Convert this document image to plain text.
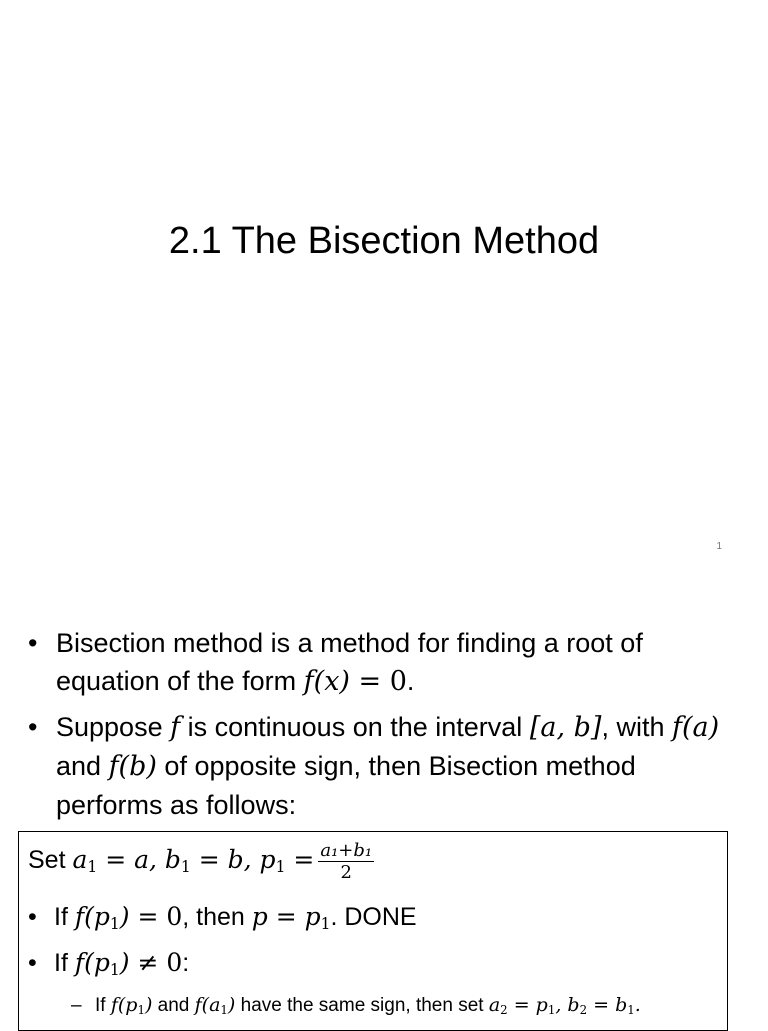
2.1 The Bisection Method
1
• Bisection method is a method for finding a root of equation of the form f(x) = 0.
• Suppose f is continuous on the interval [a, b], with f(a) and f(b) of opposite sign, then Bisection method performs as follows:
Set $a_1 = a$, $b_1 = b$, $p_1 = \frac{\text{a₁+b₁}}{2}$
• If $f(p_1) = 0$, then $p = p_1$. DONE
• If $f(p_1) \ne 0$:
– If $f(p_1)$ and $f(a_1)$ have the same sign, then set $a_2 = p_1$, $b_2 = b_1$.
